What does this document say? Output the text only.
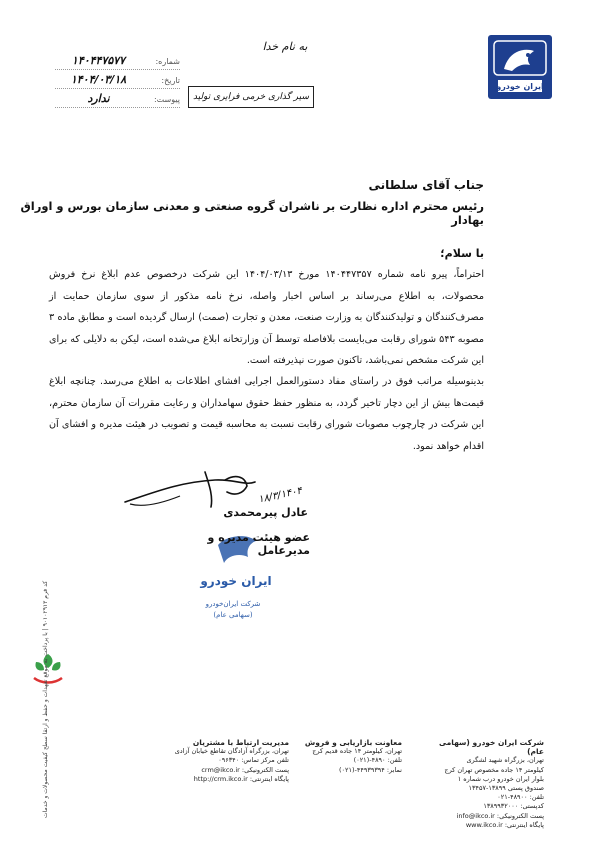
ایران خودرو
به نام خدا
سیر گذاری خرمی فرایری تولید
شماره:
۱۴۰۴۴۷۵۷۷
تاریخ:
۱۴۰۴/۰۳/۱۸
پیوست:
ندارد
جناب آقای سلطانی
رئیس محترم اداره نظارت بر ناشران گروه صنعتی و معدنی سازمان بورس و اوراق بهادار
با سلام؛
احتراماً، پیرو نامه شماره ۱۴۰۴۴۷۳۵۷ مورخ ۱۴۰۴/۰۳/۱۳ این شرکت درخصوص عدم ابلاغ نرخ فروش محصولات، به اطلاع می‌رساند بر اساس اخبار واصله، نرخ نامه مذکور از سوی سازمان حمایت از مصرف‌کنندگان و تولیدکنندگان به وزارت صنعت، معدن و تجارت (صمت) ارسال گردیده است و مطابق ماده ۳ مصوبه ۵۴۳ شورای رقابت می‌بایست بلافاصله توسط آن وزارتخانه ابلاغ می‌شده است، لیکن به دلایلی که برای این شرکت مشخص نمی‌باشد، تاکنون صورت نپذیرفته است.
بدینوسیله مراتب فوق در راستای مفاد دستورالعمل اجرایی افشای اطلاعات به اطلاع می‌رسد. چنانچه ابلاغ قیمت‌ها بیش از این دچار تاخیر گردد، به منظور حفظ حقوق سهامداران و رعایت مقررات آن سازمان محترم، این شرکت در چارچوب مصوبات شورای رقابت نسبت به محاسبه قیمت و تصویب در هیئت مدیره و افشای آن اقدام خواهد نمود.
۱۸/۳/۱۴۰۴
عادل پیرمحمدی
ایران خودرو
عضو هیئت مدیره و مدیرعامل
شرکت ایران‌خودرو
(سهامی عام)
کد فرم ۹۰۱۰۲۹۱۳ | با پرداخت به موقع تعهدات و حفظ و ارتقا سطح کیفیت محصولات و خدمات
شرکت ایران خودرو (سهامی عام)
تهران، بزرگراه شهید لشگری
کیلومتر ۱۴ جاده مخصوص تهران کرج
بلوار ایران خودرو درب شماره ۱
صندوق پستی ۱۳۸۹۹-۱۳۴۵۷
تلفن: ۴۸۹۰۰-۰۲۱
کدپستی: ۱۳۸۹۹۳۲۰۰۰
پست الکترونیکی: info@ikco.ir
پایگاه اینترنتی: www.ikco.ir
معاونت بازاریابی و فروش
تهران، کیلومتر ۱۴ جاده قدیم کرج
تلفن: ۴۸۹۰-(۰۲۱)
نمابر: ۴۴۹۳۹۳۹۴-(۰۲۱)
مدیریت ارتباط با مشتریان
تهران، بزرگراه آزادگان تقاطع خیابان آزادی
تلفن مرکز تماس: ۰۹۶۳۴۰
پست الکترونیکی: crm@ikco.ir
پایگاه اینترنتی: http://crm.ikco.ir
